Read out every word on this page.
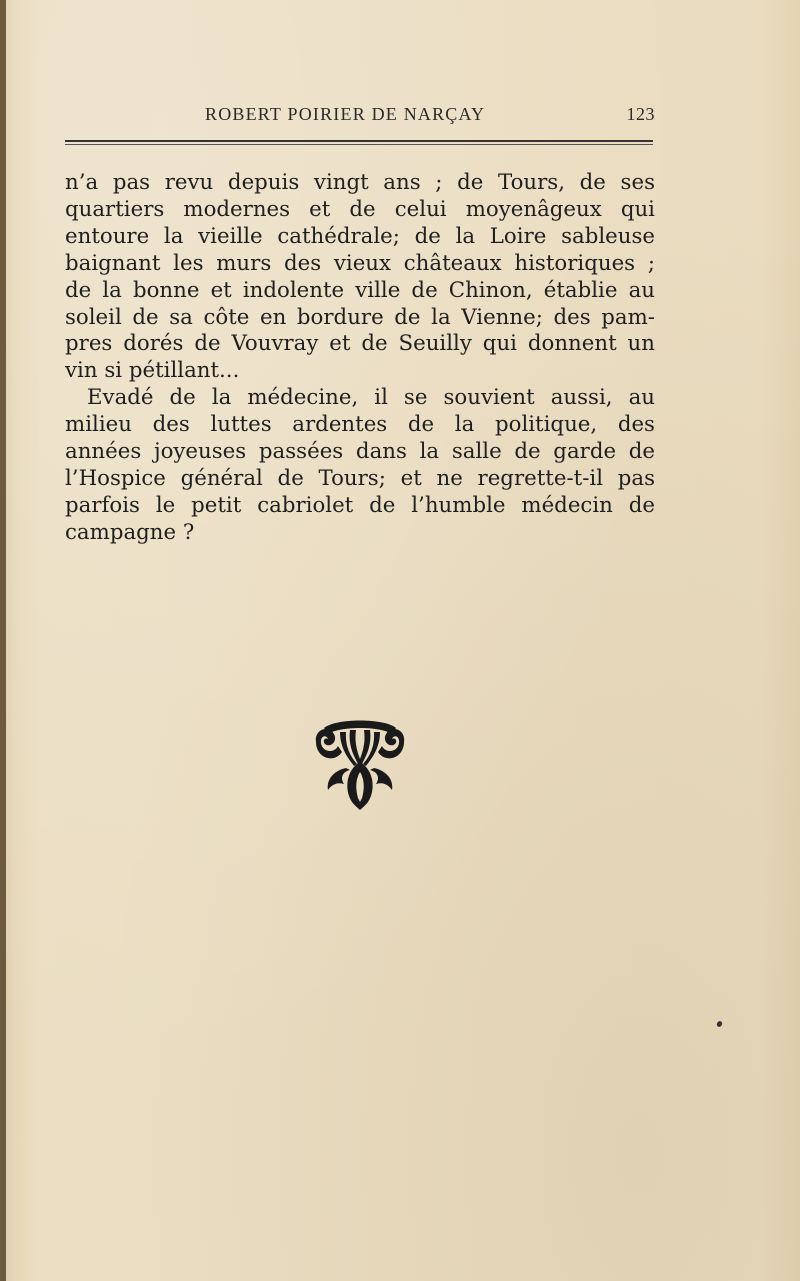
ROBERT POIRIER DE NARÇAY	123
n’a pas revu depuis vingt ans ; de Tours, de ses
quartiers modernes et de celui moyenâgeux qui
entoure la vieille cathédrale; de la Loire sableuse
baignant les murs des vieux châteaux historiques ;
de la bonne et indolente ville de Chinon, établie au
soleil de sa côte en bordure de la Vienne; des pam-
pres dorés de Vouvray et de Seuilly qui donnent un
vin si pétillant...
Evadé de la médecine, il se souvient aussi, au
milieu des luttes ardentes de la politique, des
années joyeuses passées dans la salle de garde de
l’Hospice général de Tours; et ne regrette-t-il pas
parfois le petit cabriolet de l’humble médecin de
campagne ?
